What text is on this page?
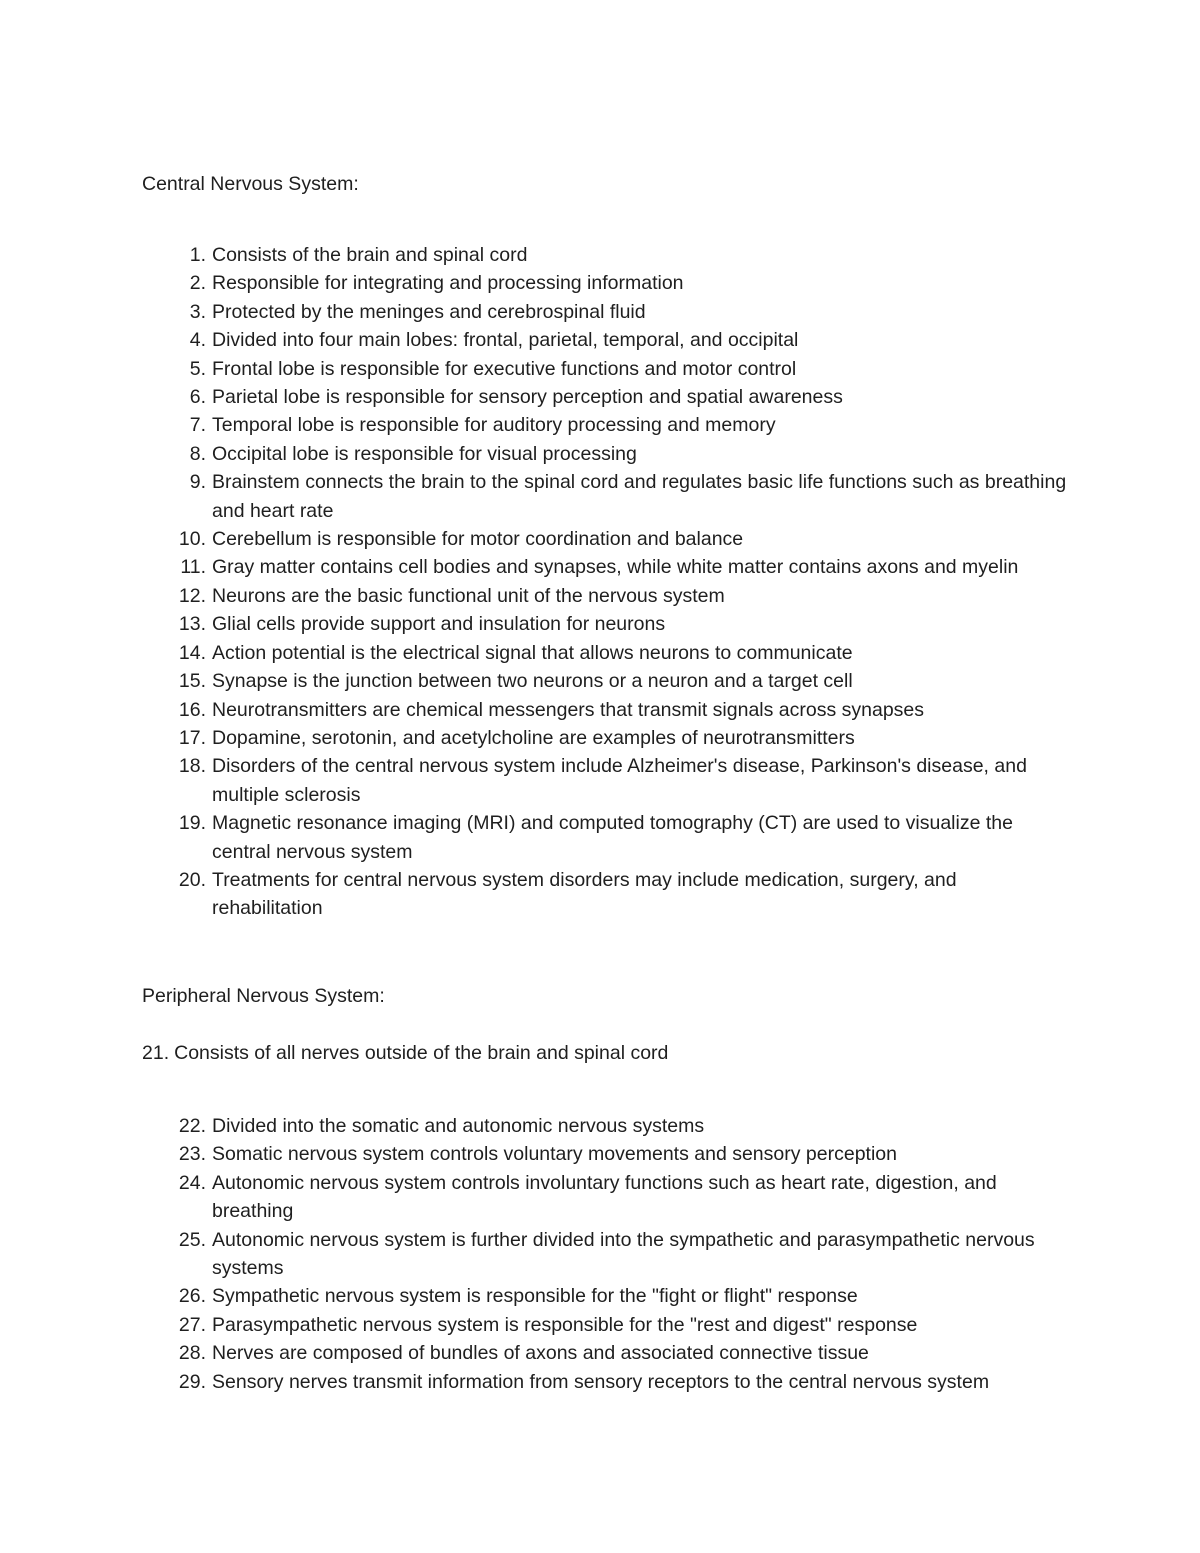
Central Nervous System:
1. Consists of the brain and spinal cord
2. Responsible for integrating and processing information
3. Protected by the meninges and cerebrospinal fluid
4. Divided into four main lobes: frontal, parietal, temporal, and occipital
5. Frontal lobe is responsible for executive functions and motor control
6. Parietal lobe is responsible for sensory perception and spatial awareness
7. Temporal lobe is responsible for auditory processing and memory
8. Occipital lobe is responsible for visual processing
9. Brainstem connects the brain to the spinal cord and regulates basic life functions such as breathing and heart rate
10. Cerebellum is responsible for motor coordination and balance
11. Gray matter contains cell bodies and synapses, while white matter contains axons and myelin
12. Neurons are the basic functional unit of the nervous system
13. Glial cells provide support and insulation for neurons
14. Action potential is the electrical signal that allows neurons to communicate
15. Synapse is the junction between two neurons or a neuron and a target cell
16. Neurotransmitters are chemical messengers that transmit signals across synapses
17. Dopamine, serotonin, and acetylcholine are examples of neurotransmitters
18. Disorders of the central nervous system include Alzheimer's disease, Parkinson's disease, and multiple sclerosis
19. Magnetic resonance imaging (MRI) and computed tomography (CT) are used to visualize the central nervous system
20. Treatments for central nervous system disorders may include medication, surgery, and rehabilitation
Peripheral Nervous System:
21. Consists of all nerves outside of the brain and spinal cord
22. Divided into the somatic and autonomic nervous systems
23. Somatic nervous system controls voluntary movements and sensory perception
24. Autonomic nervous system controls involuntary functions such as heart rate, digestion, and breathing
25. Autonomic nervous system is further divided into the sympathetic and parasympathetic nervous systems
26. Sympathetic nervous system is responsible for the "fight or flight" response
27. Parasympathetic nervous system is responsible for the "rest and digest" response
28. Nerves are composed of bundles of axons and associated connective tissue
29. Sensory nerves transmit information from sensory receptors to the central nervous system
